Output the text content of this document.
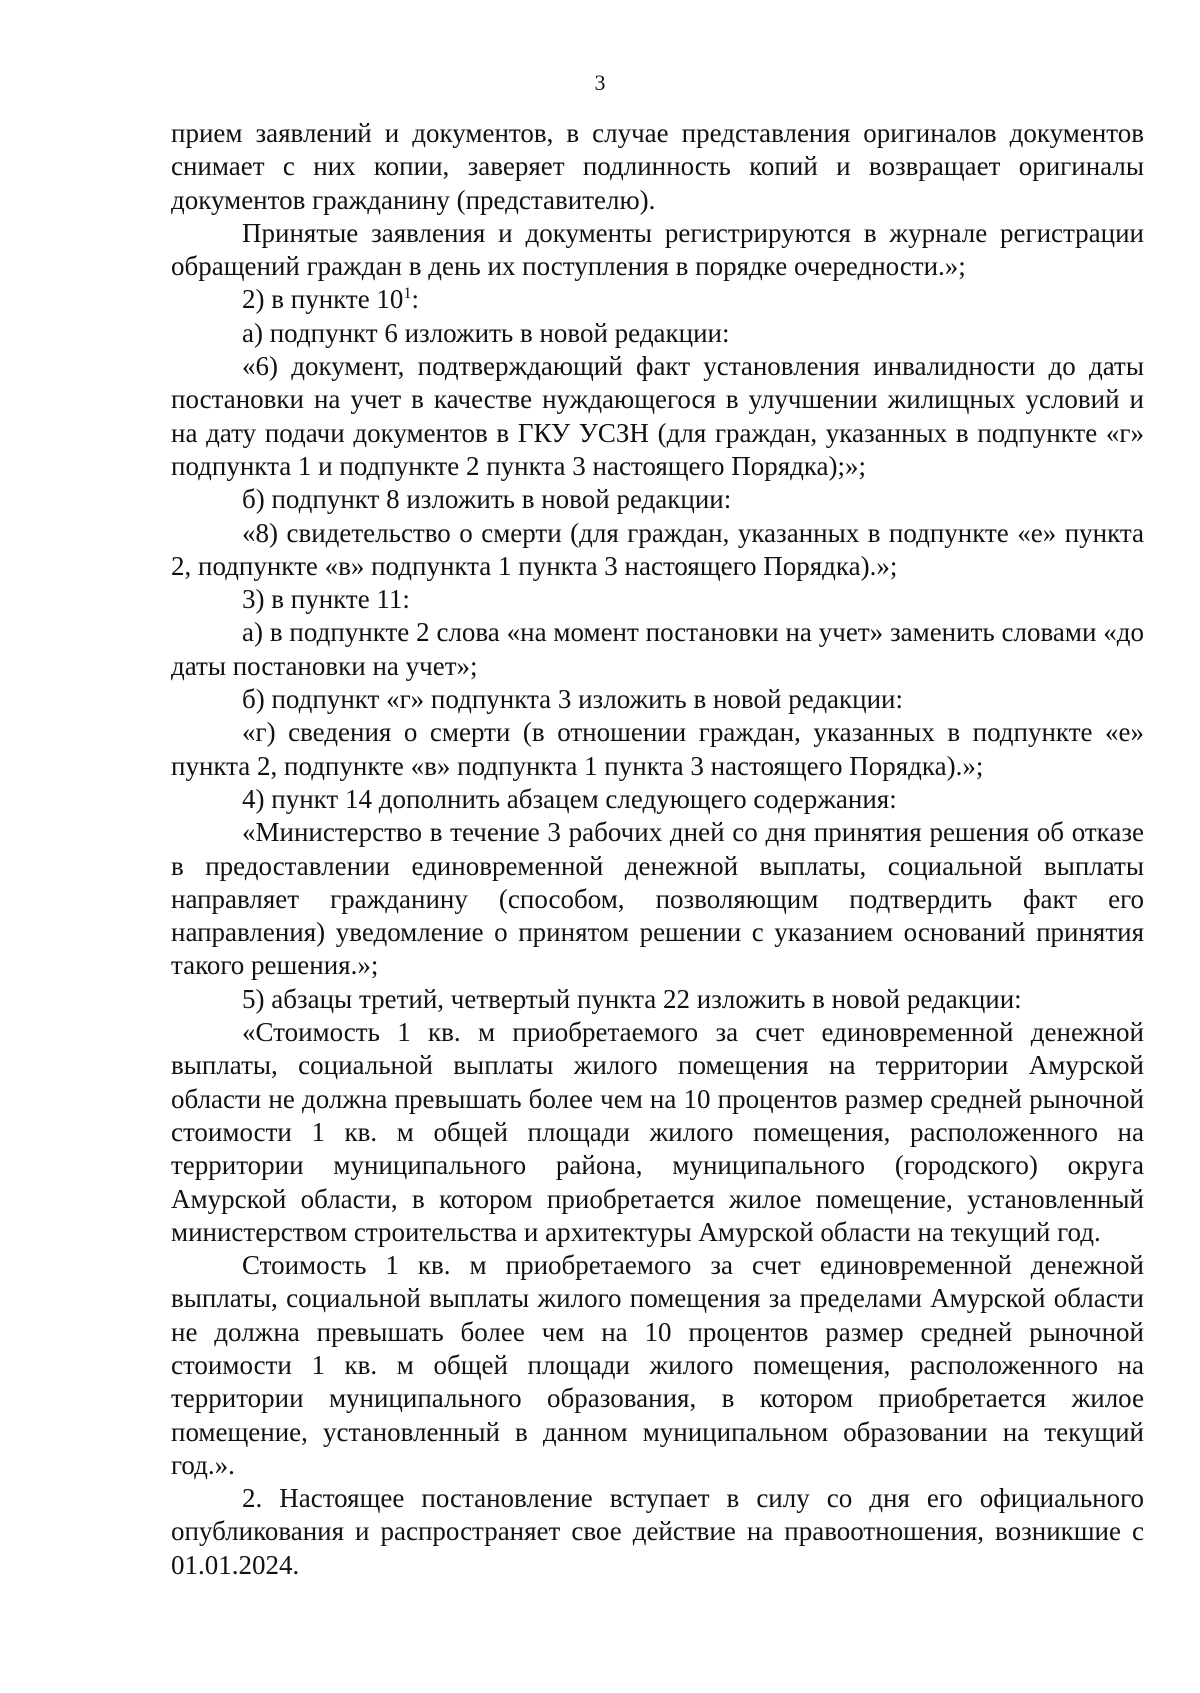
3

прием заявлений и документов, в случае представления оригиналов документов снимает с них копии, заверяет подлинность копий и возвращает оригиналы документов гражданину (представителю).

Принятые заявления и документы регистрируются в журнале регистрации обращений граждан в день их поступления в порядке очередности.»;

2) в пункте $10^1$:

а) подпункт 6 изложить в новой редакции:

«6) документ, подтверждающий факт установления инвалидности до даты постановки на учет в качестве нуждающегося в улучшении жилищных условий и на дату подачи документов в ГКУ УСЗН (для граждан, указанных в подпункте «г» подпункта 1 и подпункте 2 пункта 3 настоящего Порядка);»;

б) подпункт 8 изложить в новой редакции:

«8) свидетельство о смерти (для граждан, указанных в подпункте «е» пункта 2, подпункте «в» подпункта 1 пункта 3 настоящего Порядка).»;

3) в пункте 11:

а) в подпункте 2 слова «на момент постановки на учет» заменить словами «до даты постановки на учет»;

б) подпункт «г» подпункта 3 изложить в новой редакции:

«г) сведения о смерти (в отношении граждан, указанных в подпункте «е» пункта 2, подпункте «в» подпункта 1 пункта 3 настоящего Порядка).»;

4) пункт 14 дополнить абзацем следующего содержания:

«Министерство в течение 3 рабочих дней со дня принятия решения об отказе в предоставлении единовременной денежной выплаты, социальной выплаты направляет гражданину (способом, позволяющим подтвердить факт его направления) уведомление о принятом решении с указанием оснований принятия такого решения.»;

5) абзацы третий, четвертый пункта 22 изложить в новой редакции:

«Стоимость 1 кв. м приобретаемого за счет единовременной денежной выплаты, социальной выплаты жилого помещения на территории Амурской области не должна превышать более чем на 10 процентов размер средней рыночной стоимости 1 кв. м общей площади жилого помещения, расположенного на территории муниципального района, муниципального (городского) округа Амурской области, в котором приобретается жилое помещение, установленный министерством строительства и архитектуры Амурской области на текущий год.

Стоимость 1 кв. м приобретаемого за счет единовременной денежной выплаты, социальной выплаты жилого помещения за пределами Амурской области не должна превышать более чем на 10 процентов размер средней рыночной стоимости 1 кв. м общей площади жилого помещения, расположенного на территории муниципального образования, в котором приобретается жилое помещение, установленный в данном муниципальном образовании на текущий год.».

2. Настоящее постановление вступает в силу со дня его официального опубликования и распространяет свое действие на правоотношения, возникшие с 01.01.2024.
